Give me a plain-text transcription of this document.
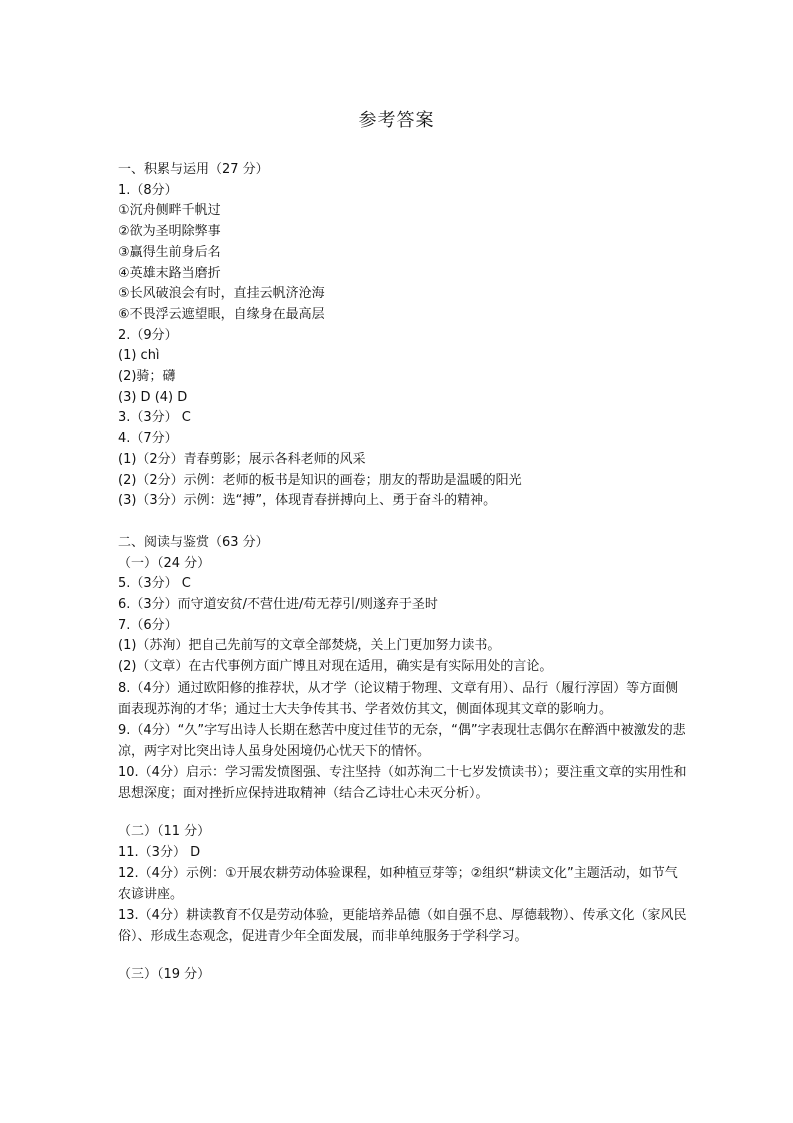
参考答案
一、积累与运用（27 分）
1.（8分）
①沉舟侧畔千帆过
②欲为圣明除弊事
③赢得生前身后名
④英雄末路当磨折
⑤长风破浪会有时，直挂云帆济沧海
⑥不畏浮云遮望眼，自缘身在最高层
2.（9分）
(1) chì
(2)骑；礴
(3) D (4) D
3.（3分） C
4.（7分）
(1)（2分）青春剪影；展示各科老师的风采
(2)（2分）示例：老师的板书是知识的画卷；朋友的帮助是温暖的阳光
(3)（3分）示例：选“搏”，体现青春拼搏向上、勇于奋斗的精神。
二、阅读与鉴赏（63 分）
（一）（24 分）
5.（3分） C
6.（3分）而守道安贫/不营仕进/苟无荐引/则遂弃于圣时
7.（6分）
(1)（苏洵）把自己先前写的文章全部焚烧，关上门更加努力读书。
(2)（文章）在古代事例方面广博且对现在适用，确实是有实际用处的言论。
8.（4分）通过欧阳修的推荐状，从才学（论议精于物理、文章有用）、品行（履行淳固）等方面侧面表现苏洵的才华；通过士大夫争传其书、学者效仿其文，侧面体现其文章的影响力。
9.（4分）“久”字写出诗人长期在愁苦中度过佳节的无奈，“偶”字表现壮志偶尔在醉酒中被激发的悲凉，两字对比突出诗人虽身处困境仍心忧天下的情怀。
10.（4分）启示：学习需发愤图强、专注坚持（如苏洵二十七岁发愤读书）；要注重文章的实用性和思想深度；面对挫折应保持进取精神（结合乙诗壮心未灭分析）。
（二）（11 分）
11.（3分） D
12.（4分）示例：①开展农耕劳动体验课程，如种植豆芽等；②组织“耕读文化”主题活动，如节气农谚讲座。
13.（4分）耕读教育不仅是劳动体验，更能培养品德（如自强不息、厚德载物）、传承文化（家风民俗）、形成生态观念，促进青少年全面发展，而非单纯服务于学科学习。
（三）（19 分）
